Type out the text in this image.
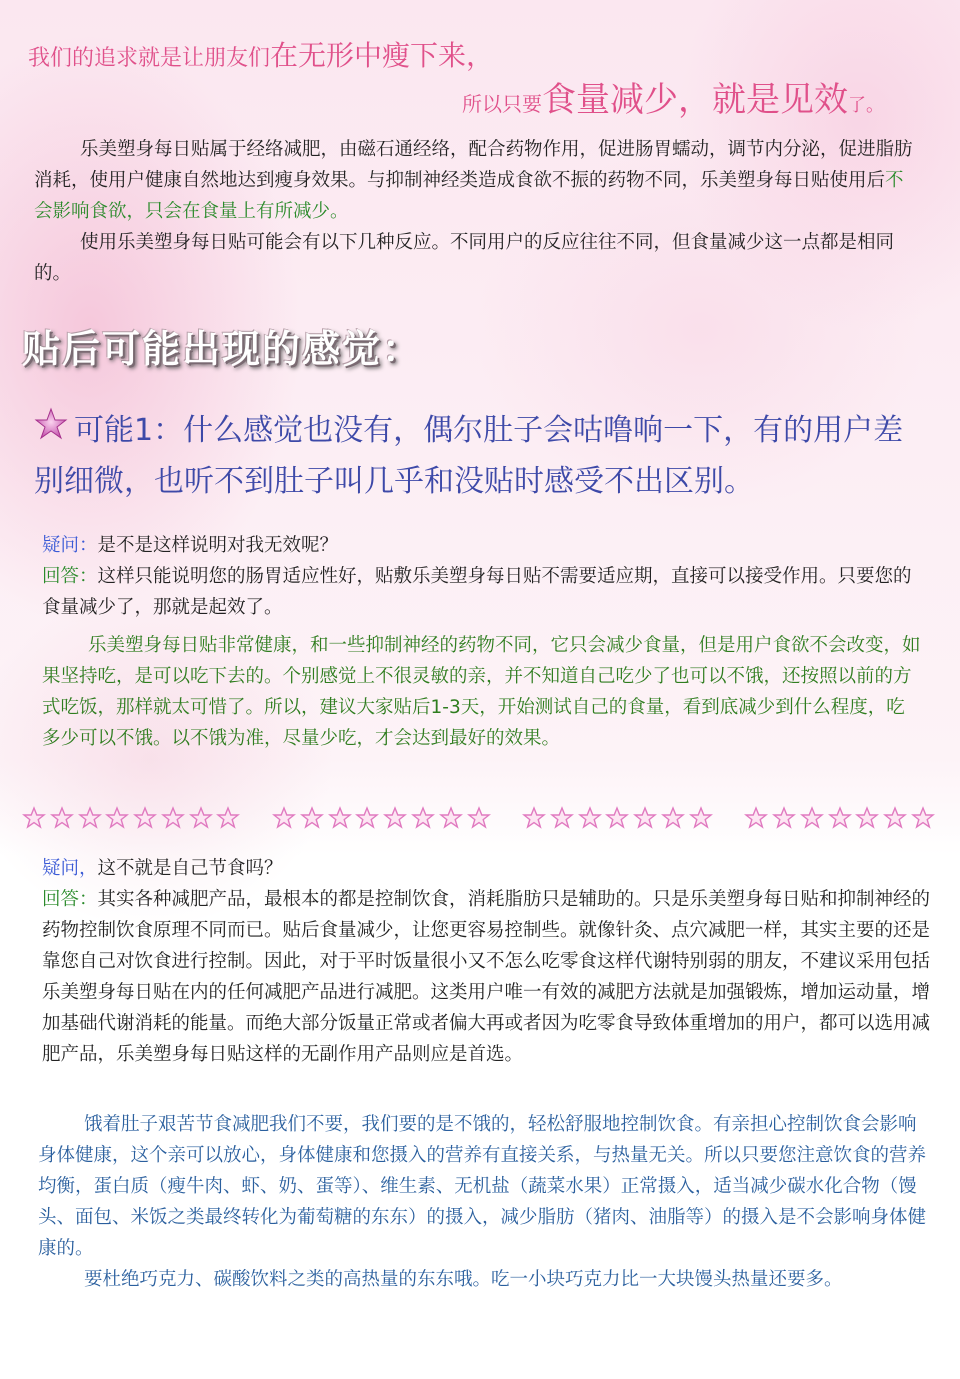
我们的追求就是让朋友们在无形中瘦下来，
所以只要食量减少，就是见效了。
乐美塑身每日贴属于经络减肥，由磁石通经络，配合药物作用，促进肠胃蠕动，调节内分泌，促进脂肪消耗，使用户健康自然地达到瘦身效果。与抑制神经类造成食欲不振的药物不同，乐美塑身每日贴使用后不会影响食欲，只会在食量上有所减少。
使用乐美塑身每日贴可能会有以下几种反应。不同用户的反应往往不同，但食量减少这一点都是相同的。
贴后可能出现的感觉：
可能1：什么感觉也没有，偶尔肚子会咕噜响一下，有的用户差别细微，也听不到肚子叫几乎和没贴时感受不出区别。
疑问：是不是这样说明对我无效呢？
回答：这样只能说明您的肠胃适应性好，贴敷乐美塑身每日贴不需要适应期，直接可以接受作用。只要您的食量减少了，那就是起效了。
乐美塑身每日贴非常健康，和一些抑制神经的药物不同，它只会减少食量，但是用户食欲不会改变，如果坚持吃，是可以吃下去的。个别感觉上不很灵敏的亲，并不知道自己吃少了也可以不饿，还按照以前的方式吃饭，那样就太可惜了。所以，建议大家贴后1-3天，开始测试自己的食量，看到底减少到什么程度，吃多少可以不饿。以不饿为准，尽量少吃，才会达到最好的效果。
疑问，这不就是自己节食吗？
回答：其实各种减肥产品，最根本的都是控制饮食，消耗脂肪只是辅助的。只是乐美塑身每日贴和抑制神经的药物控制饮食原理不同而已。贴后食量减少，让您更容易控制些。就像针灸、点穴减肥一样，其实主要的还是靠您自己对饮食进行控制。因此，对于平时饭量很小又不怎么吃零食这样代谢特别弱的朋友，不建议采用包括乐美塑身每日贴在内的任何减肥产品进行减肥。这类用户唯一有效的减肥方法就是加强锻炼，增加运动量，增加基础代谢消耗的能量。而绝大部分饭量正常或者偏大再或者因为吃零食导致体重增加的用户，都可以选用减肥产品，乐美塑身每日贴这样的无副作用产品则应是首选。
饿着肚子艰苦节食减肥我们不要，我们要的是不饿的，轻松舒服地控制饮食。有亲担心控制饮食会影响身体健康，这个亲可以放心，身体健康和您摄入的营养有直接关系，与热量无关。所以只要您注意饮食的营养均衡，蛋白质（瘦牛肉、虾、奶、蛋等）、维生素、无机盐（蔬菜水果）正常摄入，适当减少碳水化合物（馒头、面包、米饭之类最终转化为葡萄糖的东东）的摄入，减少脂肪（猪肉、油脂等）的摄入是不会影响身体健康的。
要杜绝巧克力、碳酸饮料之类的高热量的东东哦。吃一小块巧克力比一大块馒头热量还要多。
